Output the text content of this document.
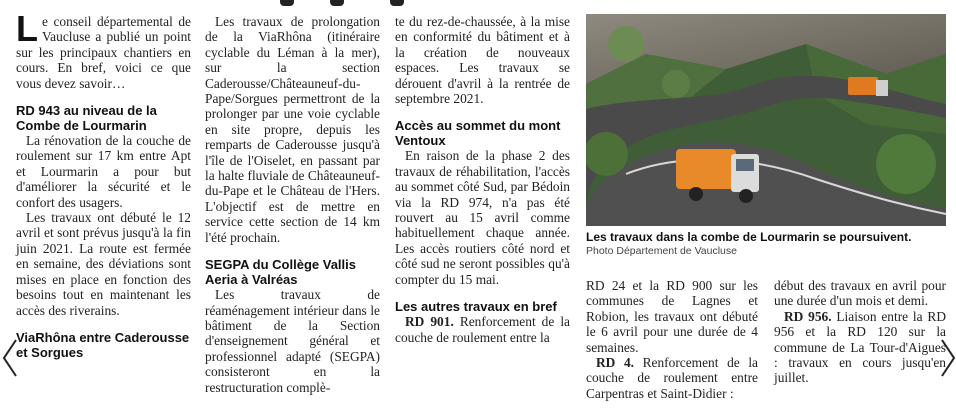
Le conseil départemental de Vaucluse a publié un point sur les principaux chantiers en cours. En bref, voici ce que vous devez savoir…

RD 943 au niveau de la Combe de Lourmarin

La rénovation de la couche de roulement sur 17 km entre Apt et Lourmarin a pour but d'améliorer la sécurité et le confort des usagers.

Les travaux ont débuté le 12 avril et sont prévus jusqu'à la fin juin 2021. La route est fermée en semaine, des déviations sont mises en place en fonction des besoins tout en maintenant les accès des riverains.

ViaRhôna entre Caderousse et Sorgues

Les travaux de prolongation de la ViaRhôna (itinéraire cyclable du Léman à la mer), sur la section Caderousse/Châteauneuf-du-Pape/Sorgues permettront de la prolonger par une voie cyclable en site propre, depuis les remparts de Caderousse jusqu'à l'île de l'Oiselet, en passant par la halte fluviale de Châteauneuf-du-Pape et le Château de l'Hers. L'objectif est de mettre en service cette section de 14 km l'été prochain.

SEGPA du Collège Vallis Aeria à Valréas

Les travaux de réaménagement intérieur dans le bâtiment de la Section d'enseignement général et professionnel adapté (SEGPA) consisteront en la restructuration complè-

te du rez-de-chaussée, à la mise en conformité du bâtiment et à la création de nouveaux espaces. Les travaux se dérouent d'avril à la rentrée de septembre 2021.

Accès au sommet du mont Ventoux

En raison de la phase 2 des travaux de réhabilitation, l'accès au sommet côté Sud, par Bédoin via la RD 974, n'a pas été rouvert au 15 avril comme habituellement chaque année. Les accès routiers côté nord et côté sud ne seront possibles qu'à compter du 15 mai.

Les autres travaux en bref

RD 901. Renforcement de la couche de roulement entre la

Les travaux dans la combe de Lourmarin se poursuivent.
Photo Département de Vaucluse

RD 24 et la RD 900 sur les communes de Lagnes et Robion, les travaux ont débuté le 6 avril pour une durée de 4 semaines.

RD 4. Renforcement de la couche de roulement entre Carpentras et Saint-Didier :

début des travaux en avril pour une durée d'un mois et demi.

RD 956. Liaison entre la RD 956 et la RD 120 sur la commune de La Tour-d'Aigues : travaux en cours jusqu'en juillet.
